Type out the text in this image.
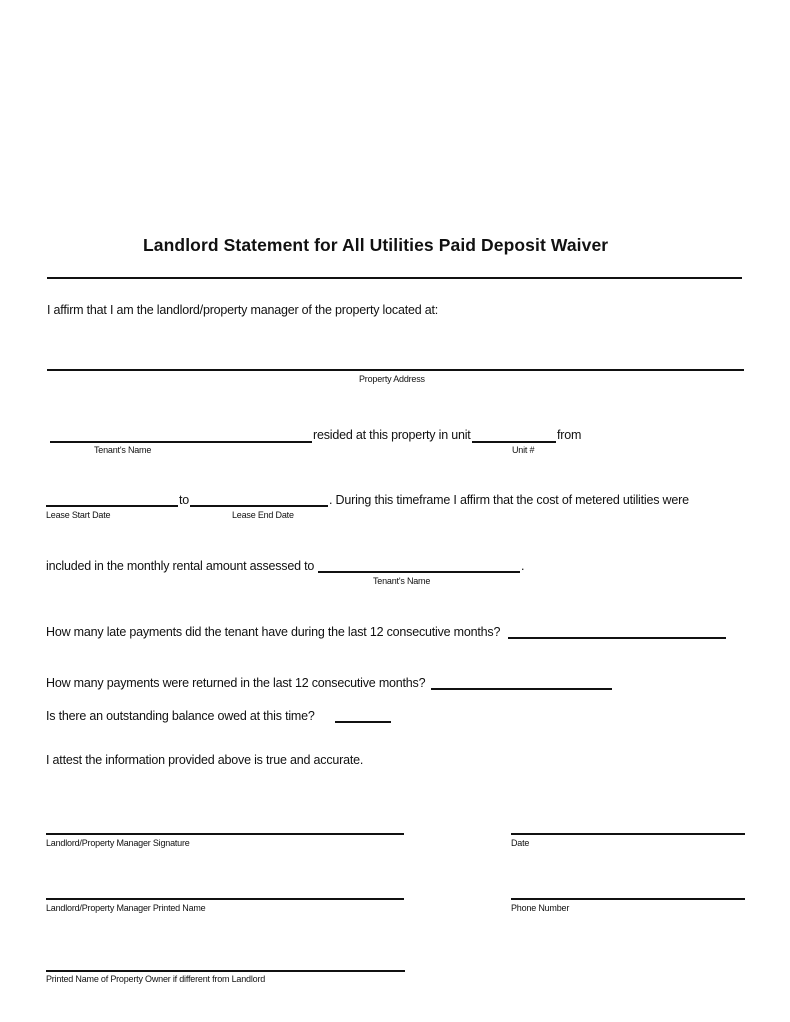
Landlord Statement for All Utilities Paid Deposit Waiver
I affirm that I am the landlord/property manager of the property located at:
Property Address
resided at this property in unit	from
Tenant's Name	Unit #
to	. During this timeframe I affirm that the cost of metered utilities were
Lease Start Date	Lease End Date
included in the monthly rental amount assessed to	.
Tenant's Name
How many late payments did the tenant have during the last 12 consecutive months?
How many payments were returned in the last 12 consecutive months?
Is there an outstanding balance owed at this time?
I attest the information provided above is true and accurate.
Landlord/Property Manager Signature	Date
Landlord/Property Manager Printed Name	Phone Number
Printed Name of Property Owner if different from Landlord
